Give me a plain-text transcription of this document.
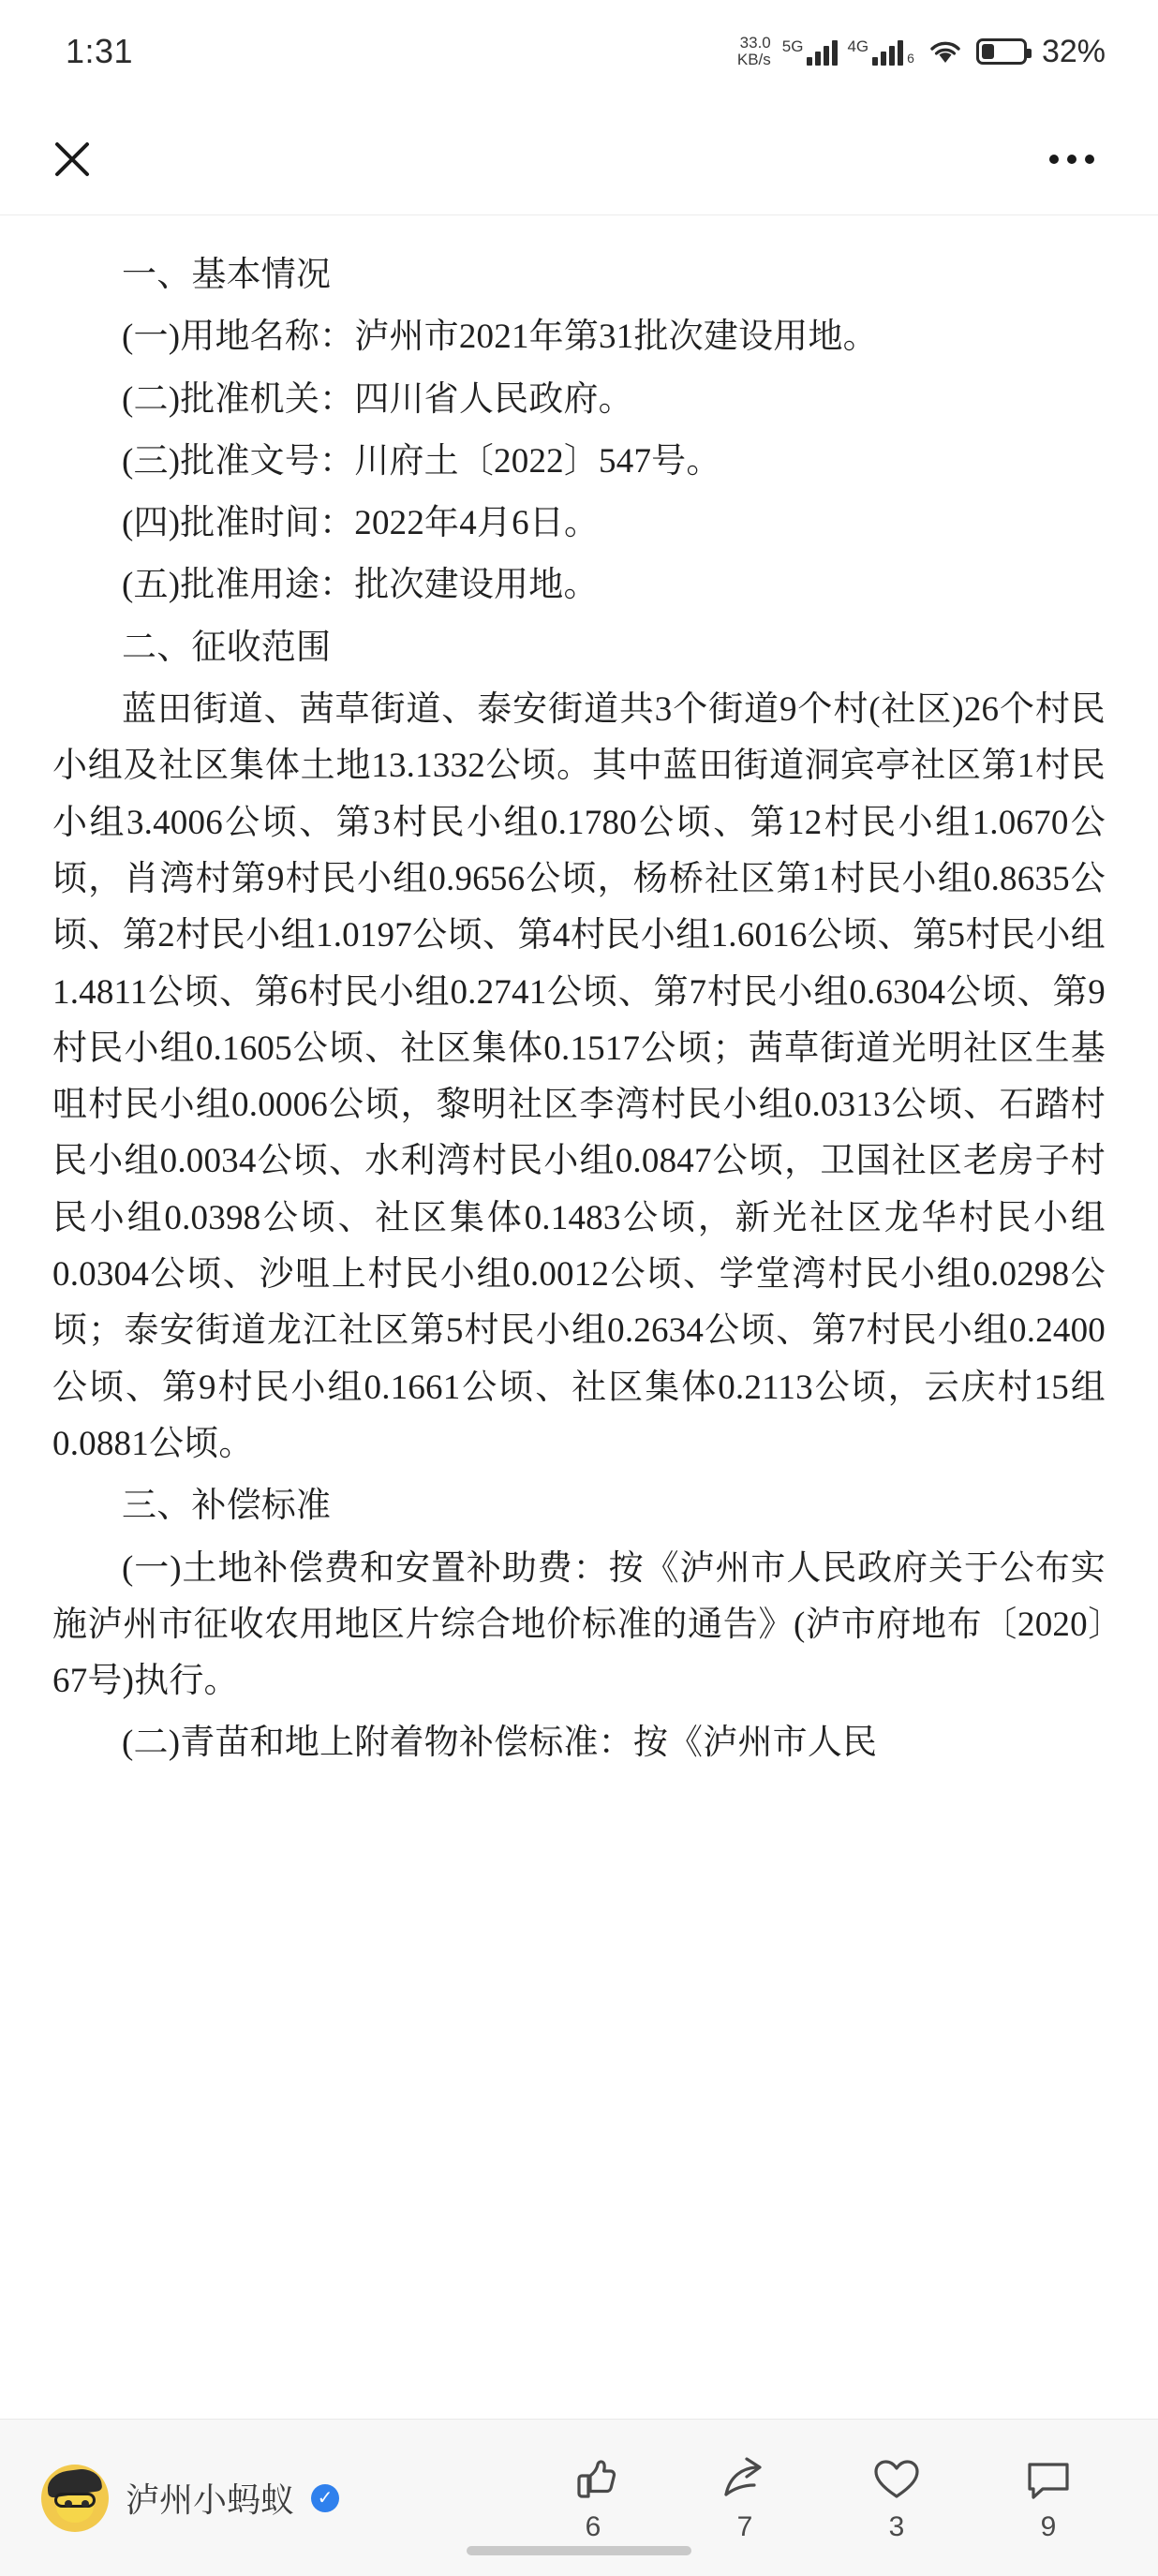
1:31	33.0
KB/s
5G	4G
6	32%

一、基本情况

(一)用地名称：泸州市2021年第31批次建设用地。

(二)批准机关：四川省人民政府。

(三)批准文号：川府土〔2022〕547号。

(四)批准时间：2022年4月6日。

(五)批准用途：批次建设用地。

二、征收范围

蓝田街道、茜草街道、泰安街道共3个街道9个村(社区)26个村民小组及社区集体土地13.1332公顷。其中蓝田街道洞宾亭社区第1村民小组3.4006公顷、第3村民小组0.1780公顷、第12村民小组1.0670公顷，肖湾村第9村民小组0.9656公顷，杨桥社区第1村民小组0.8635公顷、第2村民小组1.0197公顷、第4村民小组1.6016公顷、第5村民小组1.4811公顷、第6村民小组0.2741公顷、第7村民小组0.6304公顷、第9村民小组0.1605公顷、社区集体0.1517公顷；茜草街道光明社区生基咀村民小组0.0006公顷，黎明社区李湾村民小组0.0313公顷、石踏村民小组0.0034公顷、水利湾村民小组0.0847公顷，卫国社区老房子村民小组0.0398公顷、社区集体0.1483公顷，新光社区龙华村民小组0.0304公顷、沙咀上村民小组0.0012公顷、学堂湾村民小组0.0298公顷；泰安街道龙江社区第5村民小组0.2634公顷、第7村民小组0.2400公顷、第9村民小组0.1661公顷、社区集体0.2113公顷，云庆村15组0.0881公顷。

三、补偿标准

(一)土地补偿费和安置补助费：按《泸州市人民政府关于公布实施泸州市征收农用地区片综合地价标准的通告》(泸市府地布〔2020〕67号)执行。

(二)青苗和地上附着物补偿标准：按《泸州市人民

泸州小蚂蚁	✓
6	7	3	9
